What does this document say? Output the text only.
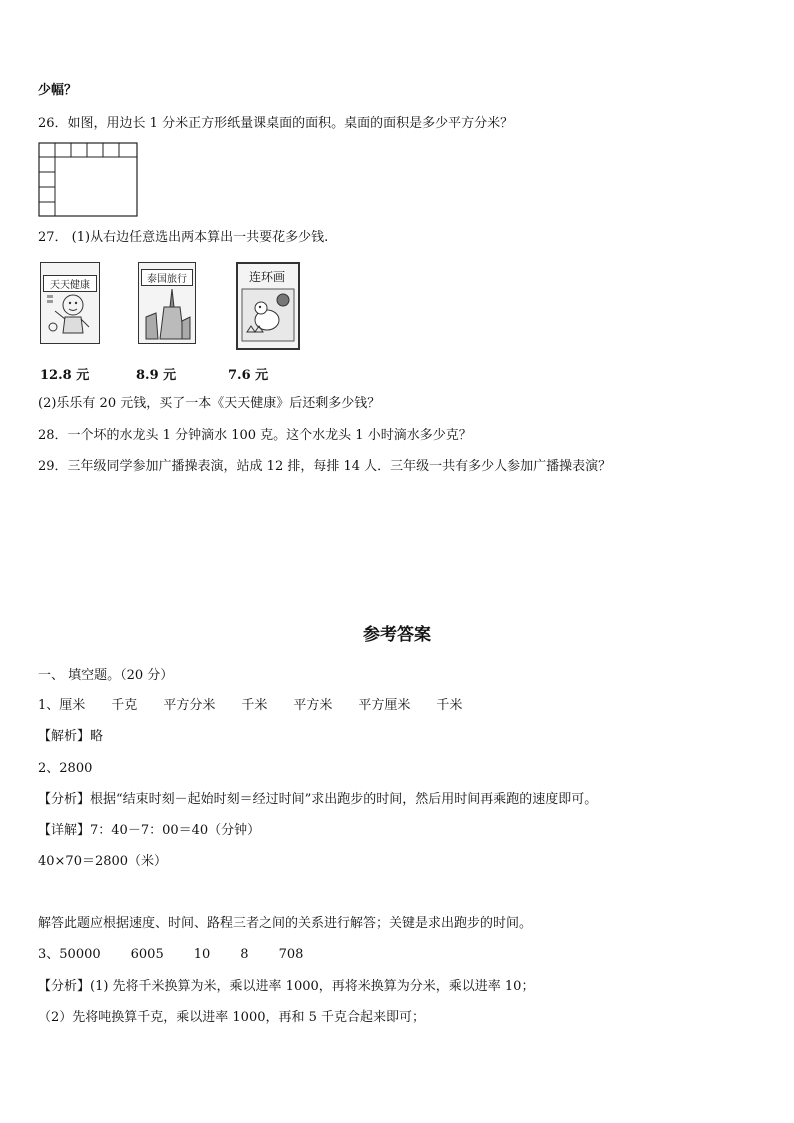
少幅？
26．如图，用边长 1 分米正方形纸量课桌面的面积。桌面的面积是多少平方分米？
27． (1)从右边任意选出两本算出一共要花多少钱.
天天健康
泰国旅行	连环画
12.8 元	8.9 元	7.6 元
(2)乐乐有 20 元钱，买了一本《天天健康》后还剩多少钱？
28．一个坏的水龙头 1 分钟滴水 100 克。这个水龙头 1 小时滴水多少克？
29．三年级同学参加广播操表演，站成 12 排，每排 14 人．三年级一共有多少人参加广播操表演？
参考答案
一、 填空题。（20 分）
1、厘米 千克 平方分米 千米 平方米 平方厘米 千米
【解析】略
2、2800
【分析】根据“结束时刻－起始时刻＝经过时间”求出跑步的时间，然后用时间再乘跑的速度即可。
【详解】7：40－7：00＝40（分钟）
40×70＝2800（米）
解答此题应根据速度、时间、路程三者之间的关系进行解答；关键是求出跑步的时间。
3、50000 6005 10 8 708
【分析】(1) 先将千米换算为米，乘以进率 1000，再将米换算为分米，乘以进率 10；
（2）先将吨换算千克，乘以进率 1000，再和 5 千克合起来即可；
